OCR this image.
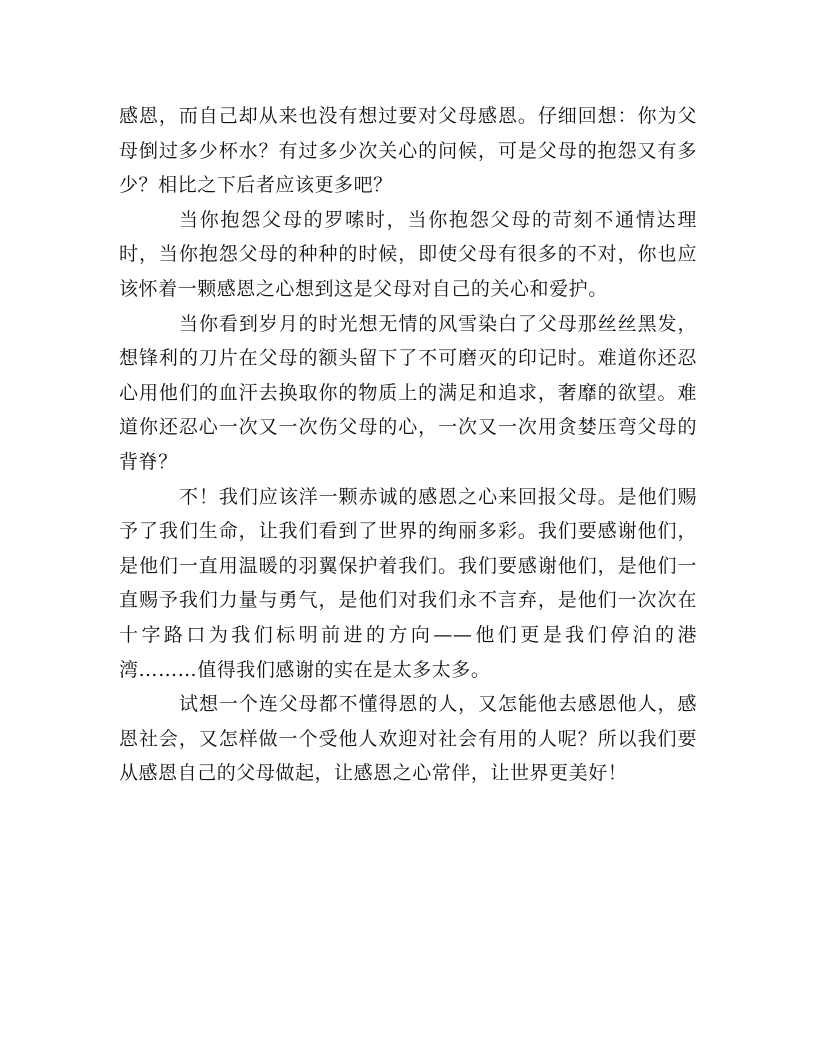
感恩，而自己却从来也没有想过要对父母感恩。仔细回想：你为父母倒过多少杯水？有过多少次关心的问候，可是父母的抱怨又有多少？相比之下后者应该更多吧？

当你抱怨父母的罗嗦时，当你抱怨父母的苛刻不通情达理时，当你抱怨父母的种种的时候，即使父母有很多的不对，你也应该怀着一颗感恩之心想到这是父母对自己的关心和爱护。

当你看到岁月的时光想无情的风雪染白了父母那丝丝黑发，想锋利的刀片在父母的额头留下了不可磨灭的印记时。难道你还忍心用他们的血汗去换取你的物质上的满足和追求，奢靡的欲望。难道你还忍心一次又一次伤父母的心，一次又一次用贪婪压弯父母的背脊？

不！我们应该洋一颗赤诚的感恩之心来回报父母。是他们赐予了我们生命，让我们看到了世界的绚丽多彩。我们要感谢他们，是他们一直用温暖的羽翼保护着我们。我们要感谢他们，是他们一直赐予我们力量与勇气，是他们对我们永不言弃，是他们一次次在十字路口为我们标明前进的方向——他们更是我们停泊的港湾………值得我们感谢的实在是太多太多。

试想一个连父母都不懂得恩的人，又怎能他去感恩他人，感恩社会，又怎样做一个受他人欢迎对社会有用的人呢？所以我们要从感恩自己的父母做起，让感恩之心常伴，让世界更美好！
